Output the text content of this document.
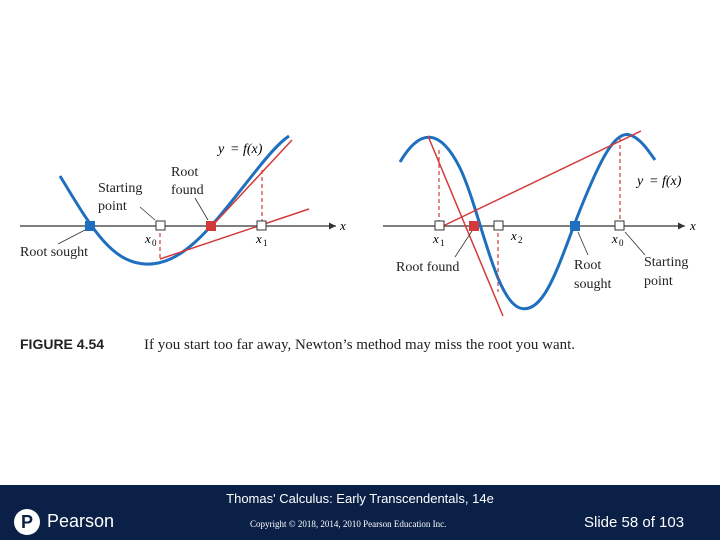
x
y = f(x)
Starting
point
Root
found
Root sought
x 0	x 1
x
y = f(x)
x 1	x 2	x 0
Root found	Root
sought
Starting
point
FIGURE 4.54	If you start too far away, Newton’s method may miss the root you want.
P Pearson
Thomas' Calculus: Early Transcendentals, 14e
Copyright © 2018, 2014, 2010 Pearson Education Inc.	Slide 58 of 103
